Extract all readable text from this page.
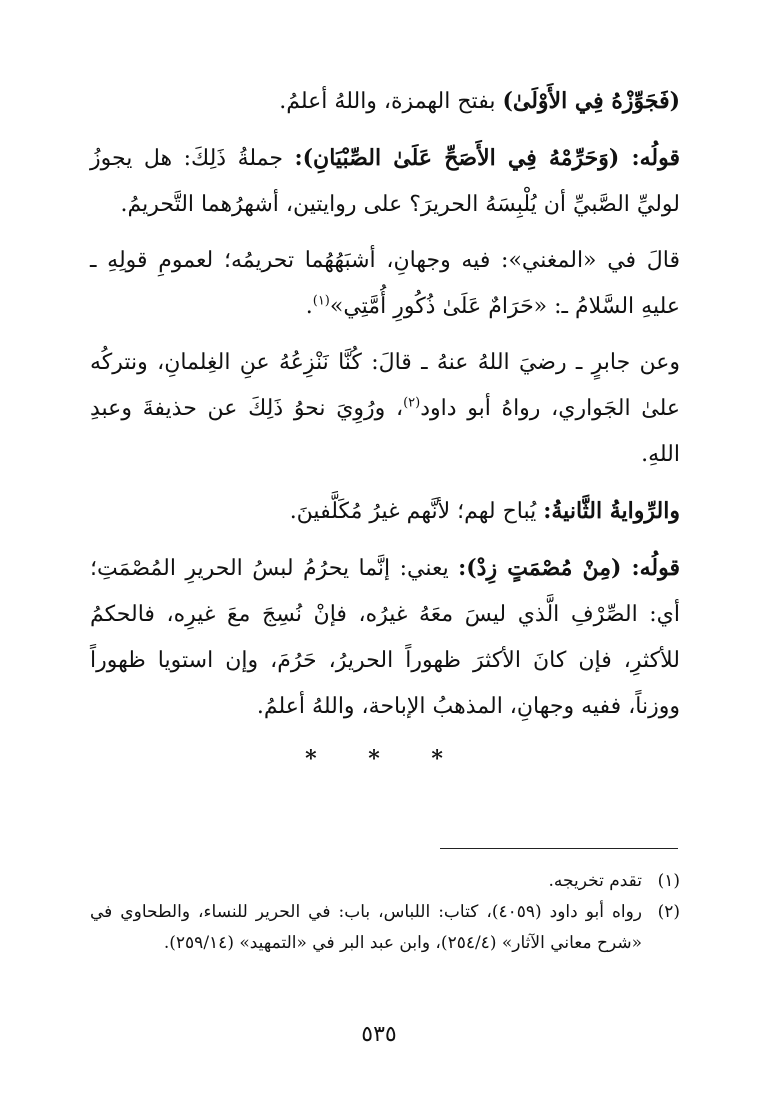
(فَجَوِّزْهُ فِي الأَوْلَىٰ) بفتح الهمزة، واللهُ أعلمُ.

قولُه: (وَحَرِّمْهُ فِي الأَصَحِّ عَلَىٰ الصِّبْيَانِ): جملةُ ذَلِكَ: هل يجوزُ لوليِّ الصَّبيِّ أن يُلْبِسَهُ الحريرَ؟ على روايتين، أشهرُهما التَّحريمُ.

قالَ في «المغني»: فيه وجهانِ، أشبَهُهُما تحريمُه؛ لعمومِ قولِهِ ـ عليهِ السَّلامُ ـ: «حَرَامٌ عَلَىٰ ذُكُورِ أُمَّتِي»$^{(١)}$.

وعن جابرٍ ـ رضيَ اللهُ عنهُ ـ قالَ: كُنَّا نَنْزِعُهُ عنِ الغِلمانِ، ونتركُه علىٰ الجَواري، رواهُ أبو داود$^{(٢)}$، ورُوِيَ نحوُ ذَلِكَ عن حذيفةَ وعبدِ اللهِ.

والرِّوايةُ الثَّانيةُ: يُباح لهم؛ لأنَّهم غيرُ مُكَلَّفينَ.

قولُه: (مِنْ مُصْمَتٍ زِدْ): يعني: إنَّما يحرُمُ لبسُ الحريرِ المُصْمَتِ؛ أي: الصِّرْفِ الَّذي ليسَ معَهُ غيرُه، فإنْ نُسِجَ معَ غيرِه، فالحكمُ للأكثرِ، فإن كانَ الأكثرَ ظهوراً الحريرُ، حَرُمَ، وإن استويا ظهوراً ووزناً، ففيه وجهانِ، المذهبُ الإباحة، واللهُ أعلمُ.

* * *
(١)
تقدم تخريجه.
(٢)
رواه أبو داود (٤٠٥٩)، كتاب: اللباس، باب: في الحرير للنساء، والطحاوي في «شرح معاني الآثار» (٢٥٤/٤)، وابن عبد البر في «التمهيد» (٢٥٩/١٤).
٥٣٥
